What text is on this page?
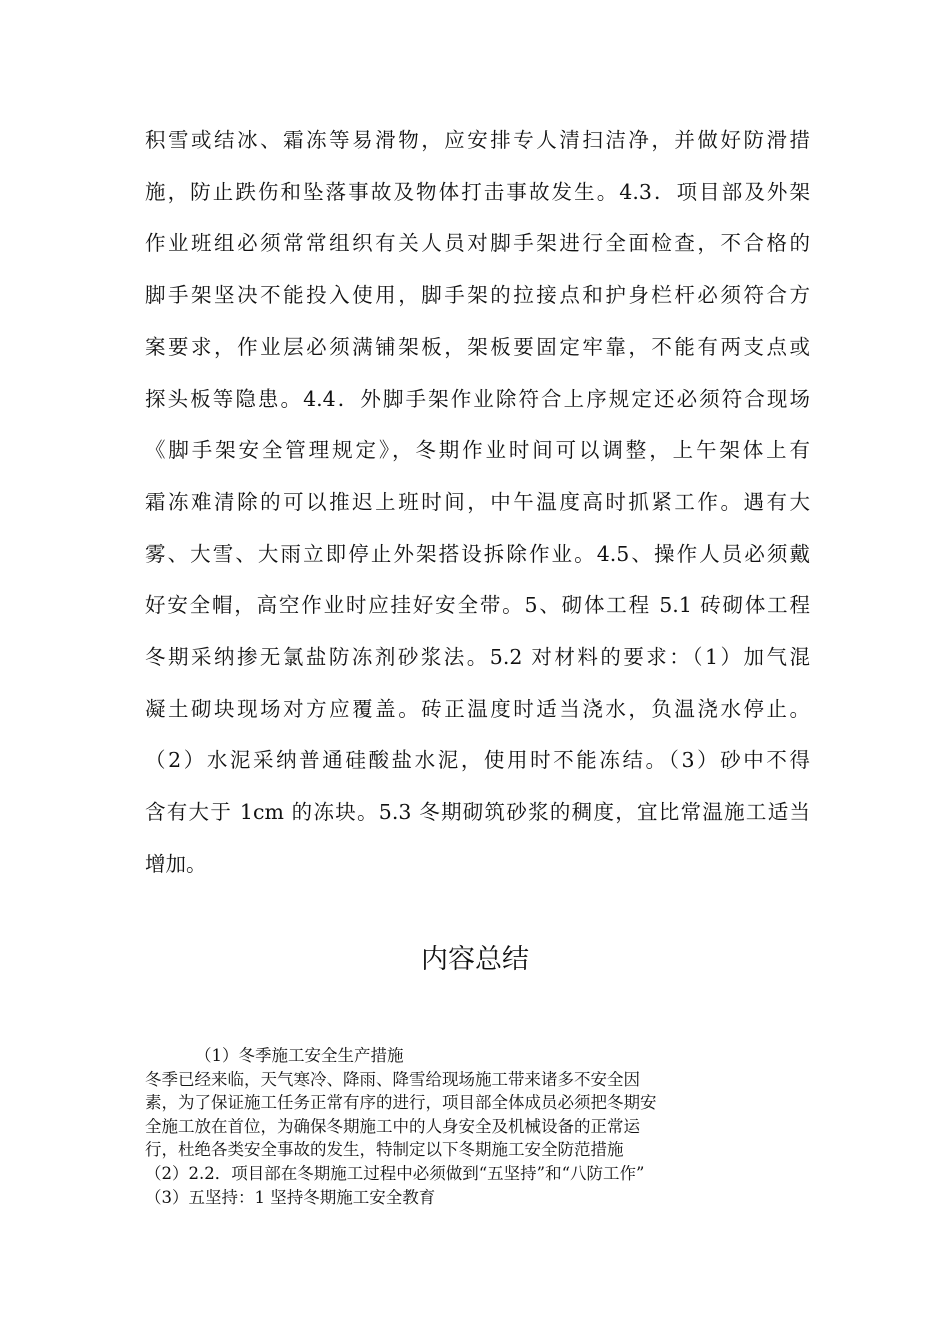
积雪或结冰、霜冻等易滑物，应安排专人清扫洁净，并做好防滑措
施，防止跌伤和坠落事故及物体打击事故发生。4.3．项目部及外架
作业班组必须常常组织有关人员对脚手架进行全面检查，不合格的
脚手架坚决不能投入使用，脚手架的拉接点和护身栏杆必须符合方
案要求，作业层必须满铺架板，架板要固定牢靠，不能有两支点或
探头板等隐患。4.4．外脚手架作业除符合上序规定还必须符合现场
《脚手架安全管理规定》，冬期作业时间可以调整，上午架体上有
霜冻难清除的可以推迟上班时间，中午温度高时抓紧工作。遇有大
雾、大雪、大雨立即停止外架搭设拆除作业。4.5、操作人员必须戴
好安全帽，高空作业时应挂好安全带。5、砌体工程 5.1 砖砌体工程
冬期采纳掺无氯盐防冻剂砂浆法。5.2 对材料的要求：（1）加气混
凝土砌块现场对方应覆盖。砖正温度时适当浇水，负温浇水停止。
（2）水泥采纳普通硅酸盐水泥，使用时不能冻结。（3）砂中不得
含有大于 1cm 的冻块。5.3 冬期砌筑砂浆的稠度，宜比常温施工适当
增加。
内容总结
（1）冬季施工安全生产措施
冬季已经来临，天气寒冷、降雨、降雪给现场施工带来诸多不安全因
素，为了保证施工任务正常有序的进行，项目部全体成员必须把冬期安
全施工放在首位，为确保冬期施工中的人身安全及机械设备的正常运
行，杜绝各类安全事故的发生，特制定以下冬期施工安全防范措施
（2）2.2．项目部在冬期施工过程中必须做到“五坚持”和“八防工作”
（3）五坚持：1 坚持冬期施工安全教育
